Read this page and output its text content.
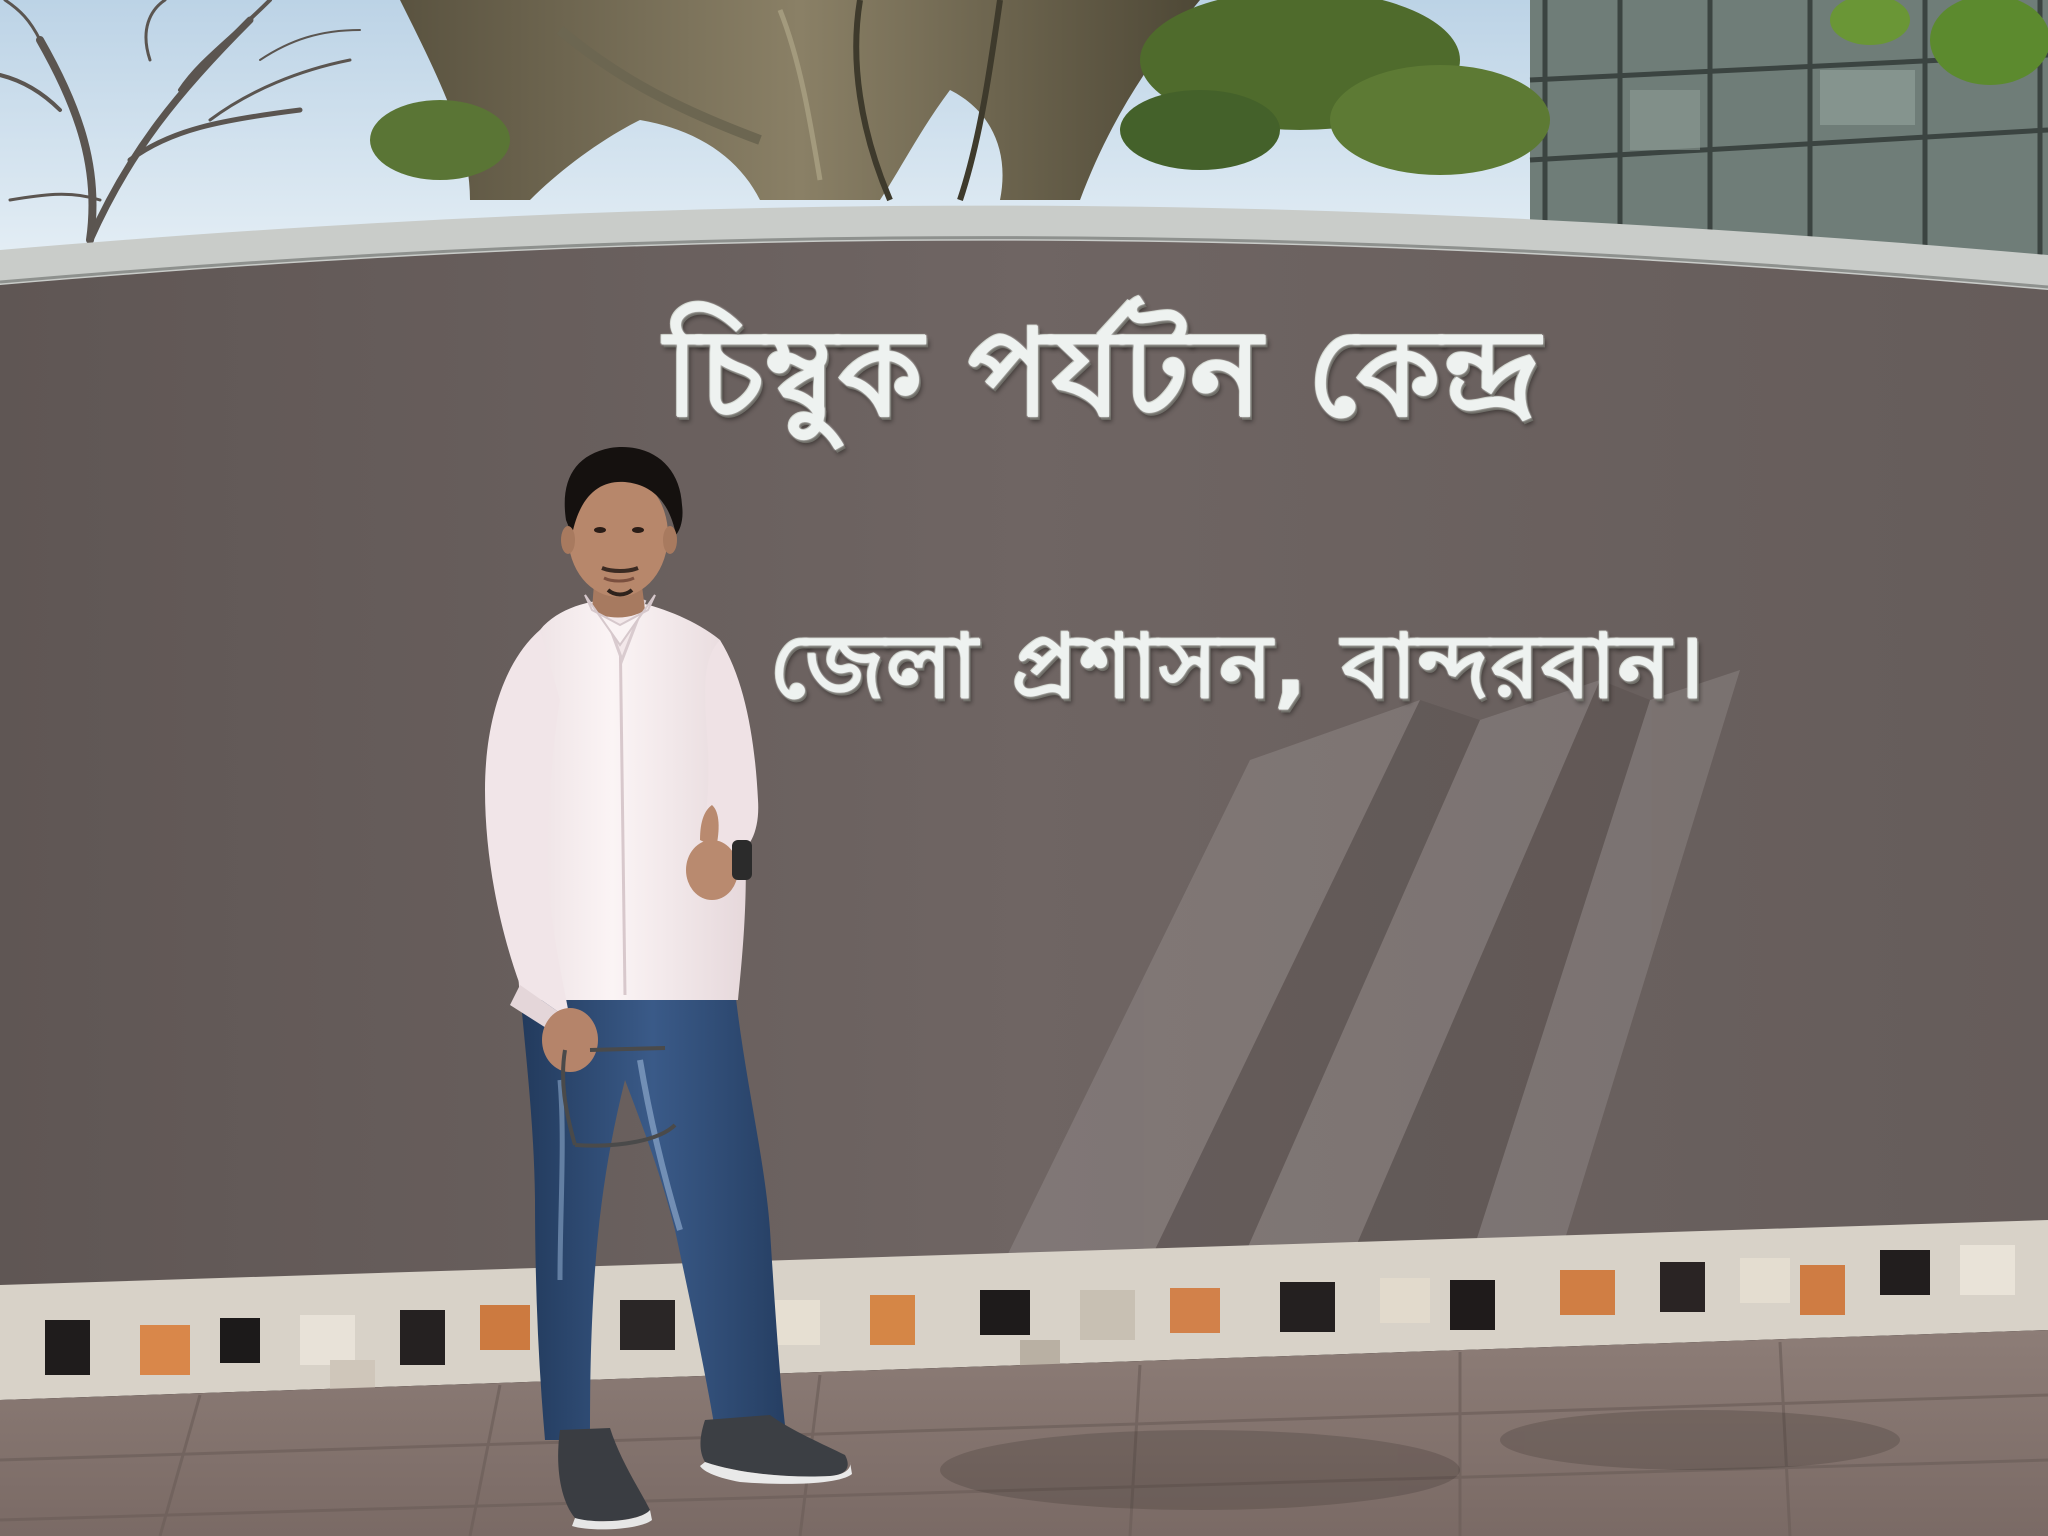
চিম্বুক পর্যটন কেন্দ্র
জেলা প্রশাসন, বান্দরবান।
